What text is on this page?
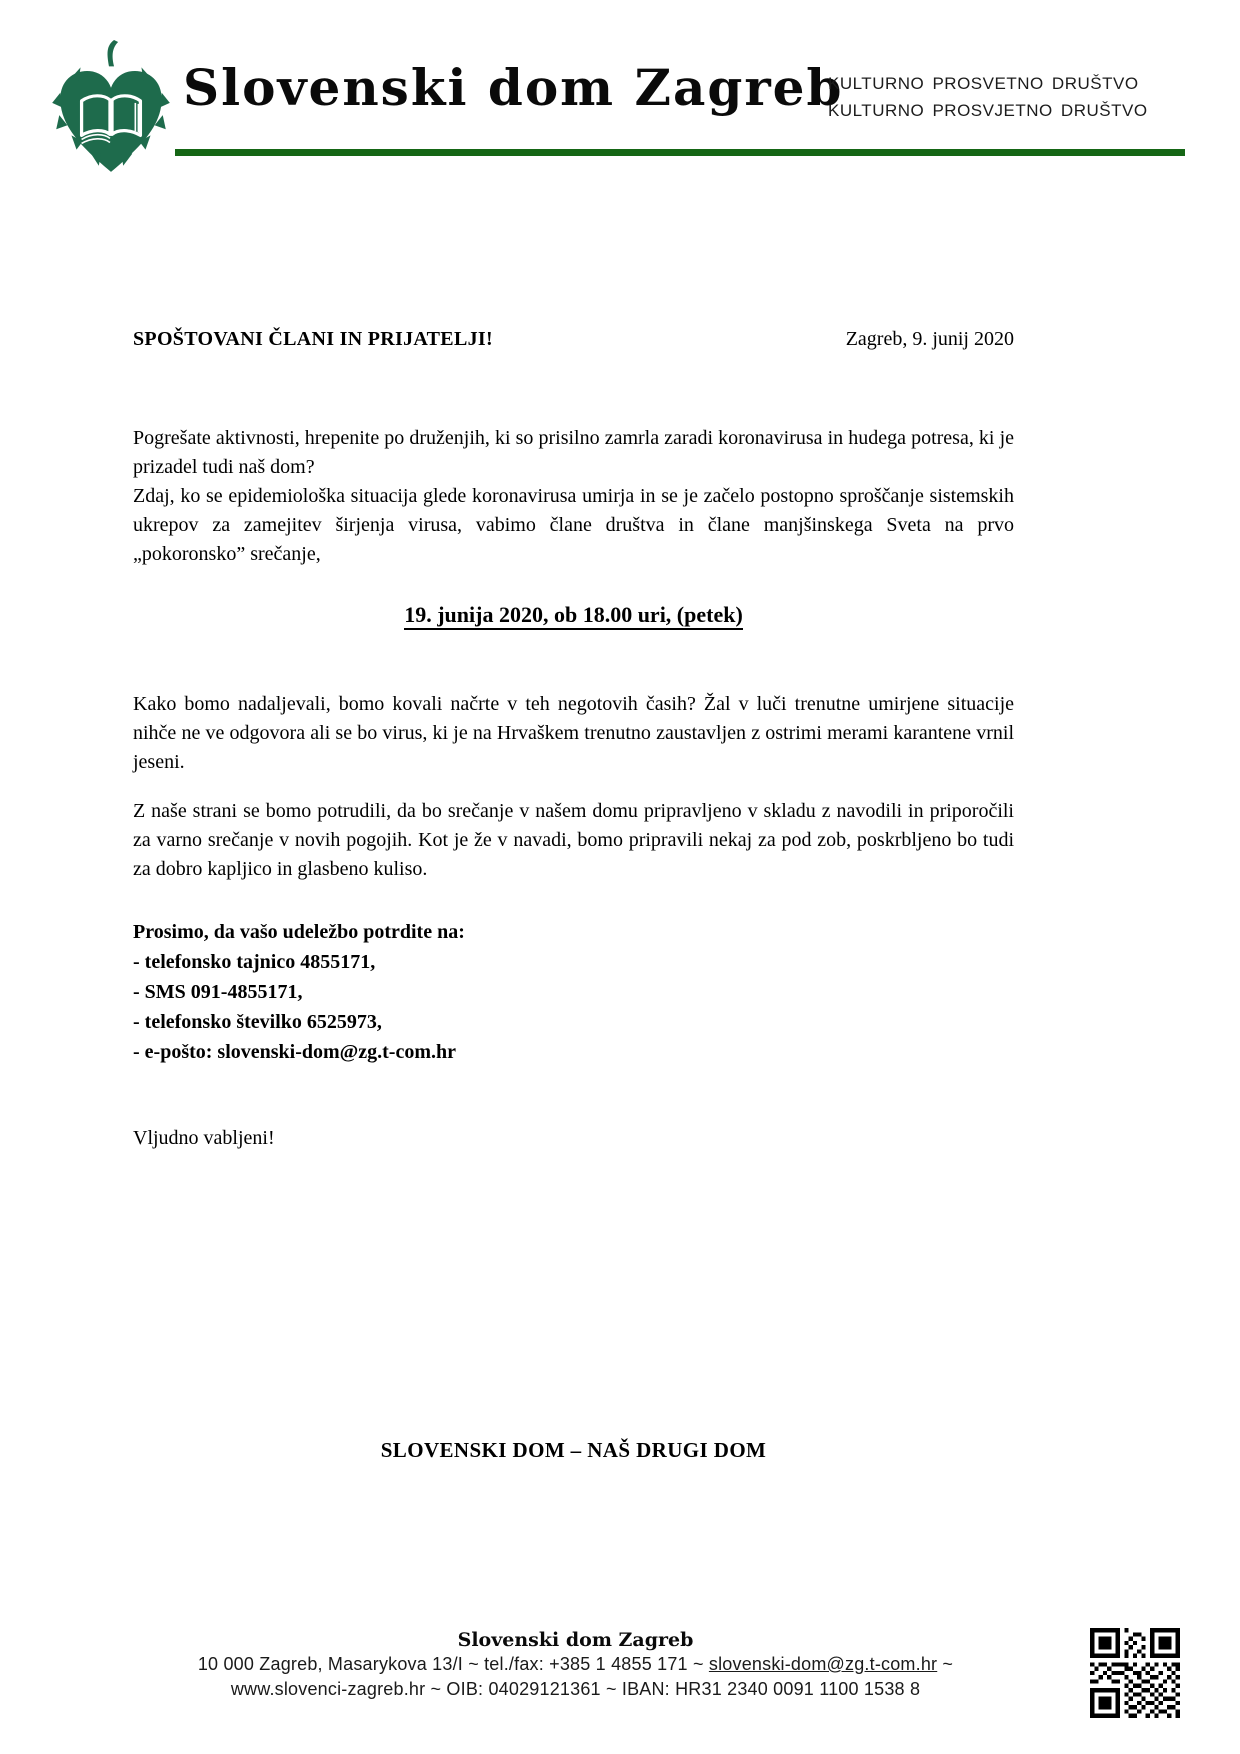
Slovenski dom Zagreb
KULTURNO PROSVETNO DRUŠTVO
KULTURNO PROSVJETNO DRUŠTVO
SPOŠTOVANI ČLANI IN PRIJATELJI!	Zagreb, 9. junij 2020

Pogrešate aktivnosti, hrepenite po druženjih, ki so prisilno zamrla zaradi koronavirusa in hudega potresa, ki je prizadel tudi naš dom?

Zdaj, ko se epidemiološka situacija glede koronavirusa umirja in se je začelo postopno sproščanje sistemskih ukrepov za zamejitev širjenja virusa, vabimo člane društva in člane manjšinskega Sveta na prvo „pokoronsko” srečanje,

19. junija 2020, ob 18.00 uri, (petek)

Kako bomo nadaljevali, bomo kovali načrte v teh negotovih časih? Žal v luči trenutne umirjene situacije nihče ne ve odgovora ali se bo virus, ki je na Hrvaškem trenutno zaustavljen z ostrimi merami karantene vrnil jeseni.

Z naše strani se bomo potrudili, da bo srečanje v našem domu pripravljeno v skladu z navodili in priporočili za varno srečanje v novih pogojih. Kot je že v navadi, bomo pripravili nekaj za pod zob, poskrbljeno bo tudi za dobro kapljico in glasbeno kuliso.

Prosimo, da vašo udeležbo potrdite na:
- telefonsko tajnico 4855171,
- SMS 091-4855171,
- telefonsko številko 6525973,
- e-pošto: slovenski-dom@zg.t-com.hr

Vljudno vabljeni!

SLOVENSKI DOM – NAŠ DRUGI DOM
Slovenski dom Zagreb
10 000 Zagreb, Masarykova 13/I ~ tel./fax: +385 1 4855 171 ~ slovenski-dom@zg.t-com.hr ~
www.slovenci-zagreb.hr ~ OIB: 04029121361 ~ IBAN: HR31 2340 0091 1100 1538 8
